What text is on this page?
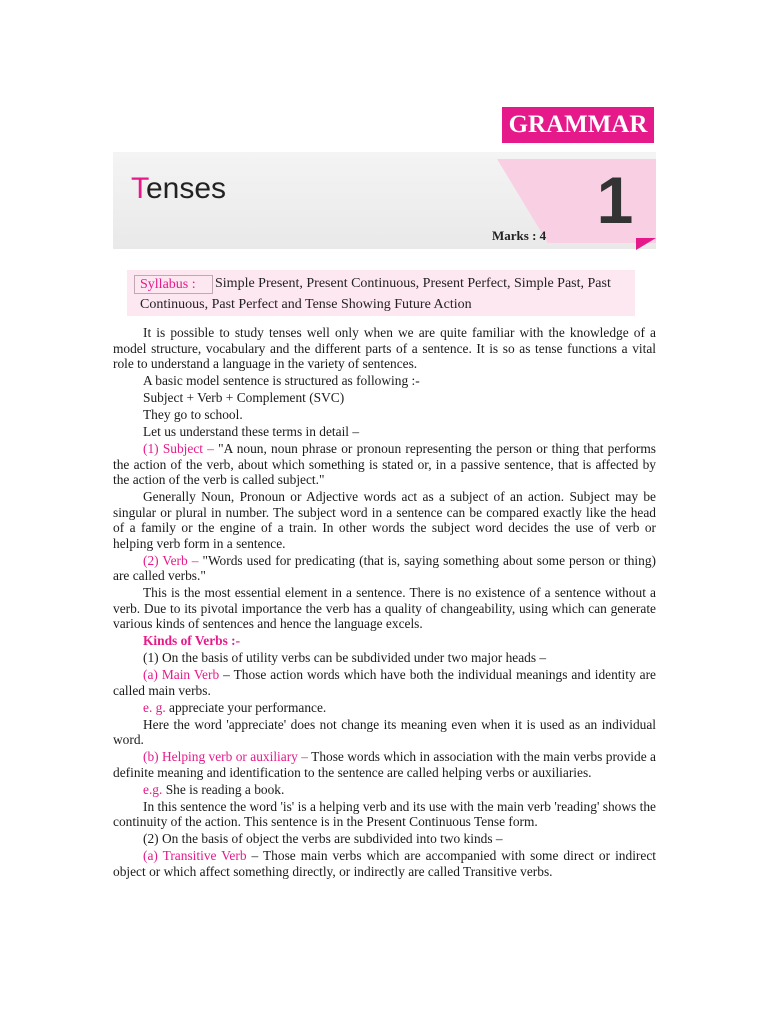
GRAMMAR
Tenses	1
Marks : 4
Syllabus :	Simple Present, Present Continuous, Present Perfect, Simple Past, Past
Continuous, Past Perfect and Tense Showing Future Action

It is possible to study tenses well only when we are quite familiar with the knowledge of a model structure, vocabulary and the different parts of a sentence. It is so as tense functions a vital role to understand a language in the variety of sentences.

A basic model sentence is structured as following :-

Subject + Verb + Complement (SVC)

They go to school.

Let us understand these terms in detail –

(1) Subject – "A noun, noun phrase or pronoun representing the person or thing that performs the action of the verb, about which something is stated or, in a passive sentence, that is affected by the action of the verb is called subject."

Generally Noun, Pronoun or Adjective words act as a subject of an action. Subject may be singular or plural in number. The subject word in a sentence can be compared exactly like the head of a family or the engine of a train. In other words the subject word decides the use of verb or helping verb form in a sentence.

(2) Verb – "Words used for predicating (that is, saying something about some person or thing) are called verbs."

This is the most essential element in a sentence. There is no existence of a sentence without a verb. Due to its pivotal importance the verb has a quality of changeability, using which can generate various kinds of sentences and hence the language excels.

Kinds of Verbs :-

(1) On the basis of utility verbs can be subdivided under two major heads –

(a) Main Verb – Those action words which have both the individual meanings and identity are called main verbs.

e. g. appreciate your performance.

Here the word 'appreciate' does not change its meaning even when it is used as an individual word.

(b) Helping verb or auxiliary – Those words which in association with the main verbs provide a definite meaning and identification to the sentence are called helping verbs or auxiliaries.

e.g. She is reading a book.

In this sentence the word 'is' is a helping verb and its use with the main verb 'reading' shows the continuity of the action. This sentence is in the Present Continuous Tense form.

(2) On the basis of object the verbs are subdivided into two kinds –

(a) Transitive Verb – Those main verbs which are accompanied with some direct or indirect object or which affect something directly, or indirectly are called Transitive verbs.
